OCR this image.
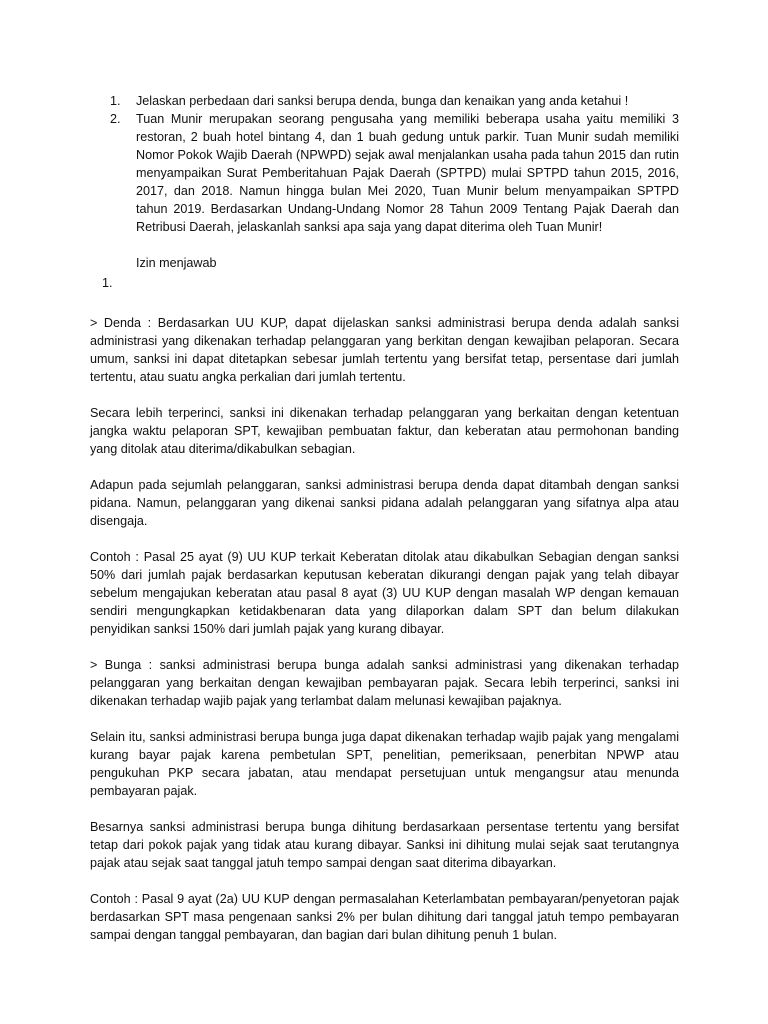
1. Jelaskan perbedaan dari sanksi berupa denda, bunga dan kenaikan yang anda ketahui !
2. Tuan Munir merupakan seorang pengusaha yang memiliki beberapa usaha yaitu memiliki 3 restoran, 2 buah hotel bintang 4, dan 1 buah gedung untuk parkir. Tuan Munir sudah memiliki Nomor Pokok Wajib Daerah (NPWPD) sejak awal menjalankan usaha pada tahun 2015 dan rutin menyampaikan Surat Pemberitahuan Pajak Daerah (SPTPD) mulai SPTPD tahun 2015, 2016, 2017, dan 2018. Namun hingga bulan Mei 2020, Tuan Munir belum menyampaikan SPTPD tahun 2019. Berdasarkan Undang-Undang Nomor 28 Tahun 2009 Tentang Pajak Daerah dan Retribusi Daerah, jelaskanlah sanksi apa saja yang dapat diterima oleh Tuan Munir!
Izin menjawab
1.

> Denda : Berdasarkan UU KUP, dapat dijelaskan sanksi administrasi berupa denda adalah sanksi administrasi yang dikenakan terhadap pelanggaran yang berkitan dengan kewajiban pelaporan. Secara umum, sanksi ini dapat ditetapkan sebesar jumlah tertentu yang bersifat tetap, persentase dari jumlah tertentu, atau suatu angka perkalian dari jumlah tertentu.

Secara lebih terperinci, sanksi ini dikenakan terhadap pelanggaran yang berkaitan dengan ketentuan jangka waktu pelaporan SPT, kewajiban pembuatan faktur, dan keberatan atau permohonan banding yang ditolak atau diterima/dikabulkan sebagian.

Adapun pada sejumlah pelanggaran, sanksi administrasi berupa denda dapat ditambah dengan sanksi pidana. Namun, pelanggaran yang dikenai sanksi pidana adalah pelanggaran yang sifatnya alpa atau disengaja.

Contoh : Pasal 25 ayat (9) UU KUP terkait Keberatan ditolak atau dikabulkan Sebagian dengan sanksi 50% dari jumlah pajak berdasarkan keputusan keberatan dikurangi dengan pajak yang telah dibayar sebelum mengajukan keberatan atau pasal 8 ayat (3) UU KUP dengan masalah WP dengan kemauan sendiri mengungkapkan ketidakbenaran data yang dilaporkan dalam SPT dan belum dilakukan penyidikan sanksi 150% dari jumlah pajak yang kurang dibayar.

> Bunga : sanksi administrasi berupa bunga adalah sanksi administrasi yang dikenakan terhadap pelanggaran yang berkaitan dengan kewajiban pembayaran pajak. Secara lebih terperinci, sanksi ini dikenakan terhadap wajib pajak yang terlambat dalam melunasi kewajiban pajaknya.

Selain itu, sanksi administrasi berupa bunga juga dapat dikenakan terhadap wajib pajak yang mengalami kurang bayar pajak karena pembetulan SPT, penelitian, pemeriksaan, penerbitan NPWP atau pengukuhan PKP secara jabatan, atau mendapat persetujuan untuk mengangsur atau menunda pembayaran pajak.

Besarnya sanksi administrasi berupa bunga dihitung berdasarkaan persentase tertentu yang bersifat tetap dari pokok pajak yang tidak atau kurang dibayar. Sanksi ini dihitung mulai sejak saat terutangnya pajak atau sejak saat tanggal jatuh tempo sampai dengan saat diterima dibayarkan.

Contoh : Pasal 9 ayat (2a) UU KUP dengan permasalahan Keterlambatan pembayaran/penyetoran pajak berdasarkan SPT masa pengenaan sanksi 2% per bulan dihitung dari tanggal jatuh tempo pembayaran sampai dengan tanggal pembayaran, dan bagian dari bulan dihitung penuh 1 bulan.
